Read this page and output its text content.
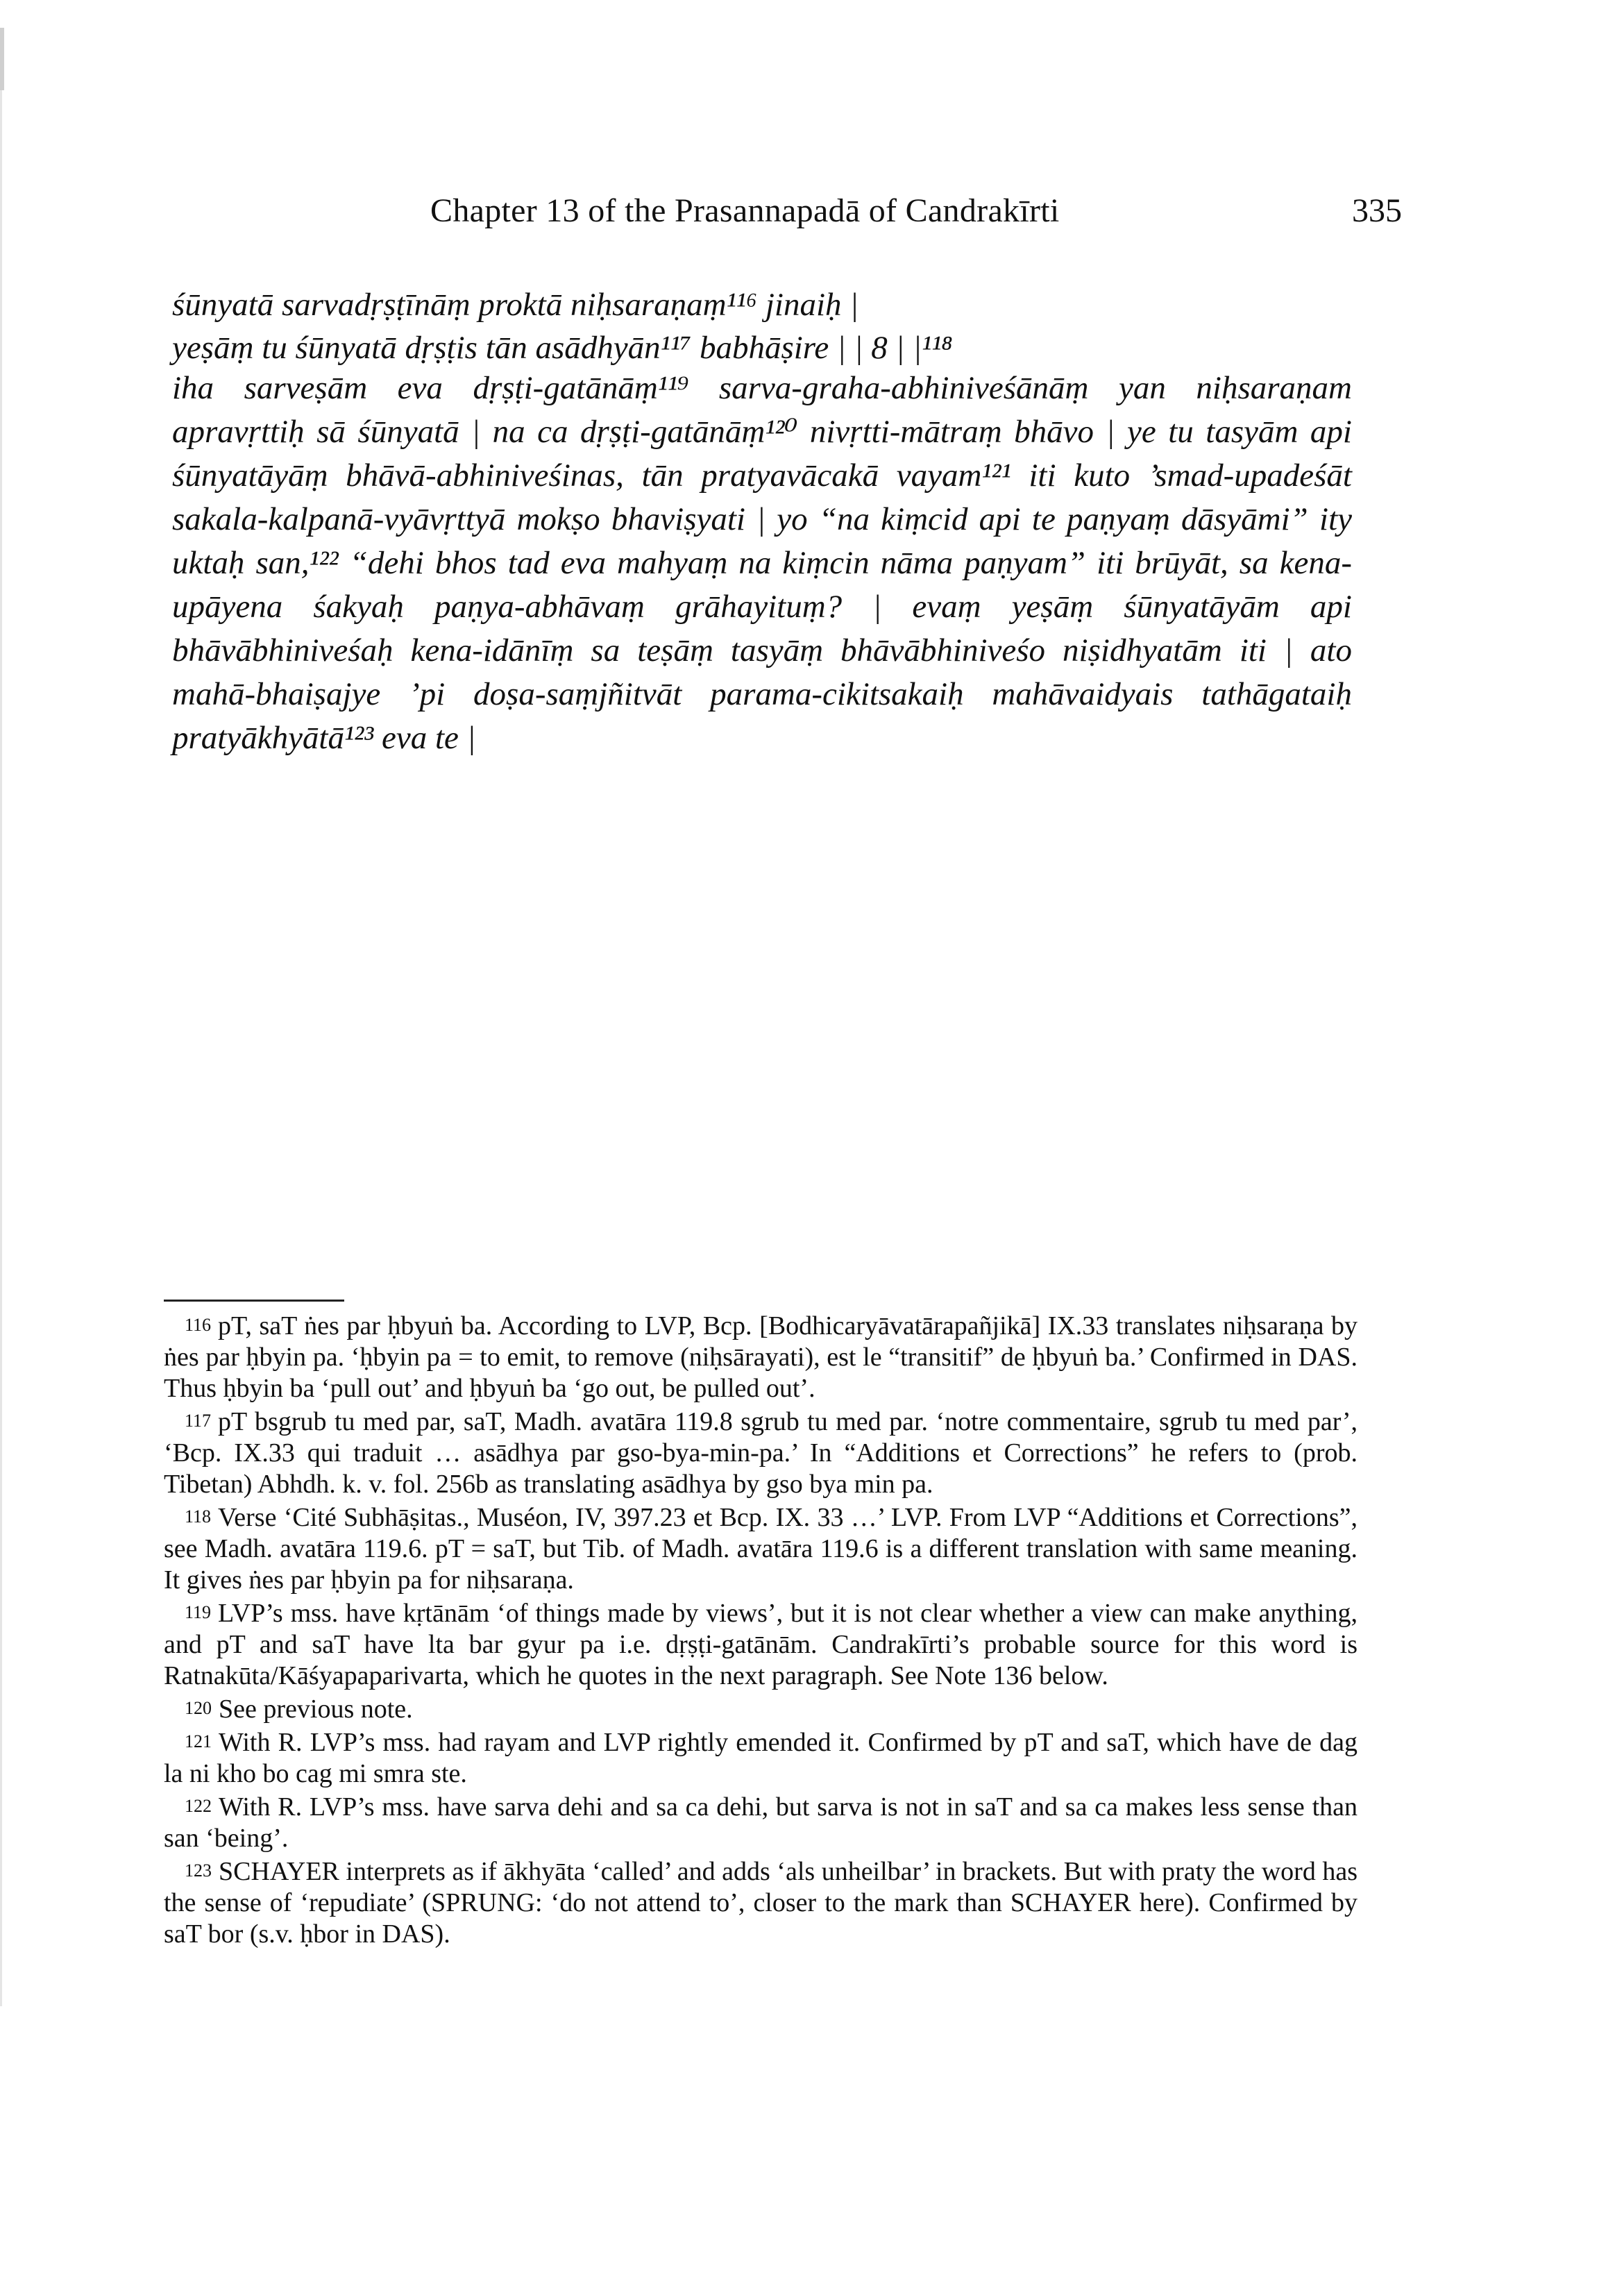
Chapter 13 of the Prasannapadā of Candrakīrti	335
śūnyatā sarvadṛṣṭīnāṃ proktā niḥsaraṇaṃ¹¹⁶ jinaiḥ |
yeṣāṃ tu śūnyatā dṛṣṭis tān asādhyān¹¹⁷ babhāṣire | | 8 | |¹¹⁸
iha sarveṣām eva dṛṣṭi-gatānāṃ¹¹⁹ sarva-graha-abhiniveśānāṃ yan niḥsaraṇam apravṛttiḥ sā śūnyatā | na ca dṛṣṭi-gatānāṃ¹²⁰ nivṛtti-mātraṃ bhāvo | ye tu tasyām api śūnyatāyāṃ bhāvā-abhiniveśinas, tān pratyavācakā vayam¹²¹ iti kuto ’smad-upadeśāt sakala-kalpanā-vyāvṛttyā mokṣo bhaviṣyati | yo “na kiṃcid api te paṇyaṃ dāsyāmi” ity uktaḥ san,¹²² “dehi bhos tad eva mahyaṃ na kiṃcin nāma paṇyam” iti brūyāt, sa kena-upāyena śakyaḥ paṇya-abhāvaṃ grāhayituṃ? | evaṃ yeṣāṃ śūnyatāyām api bhāvābhiniveśaḥ kena-idānīṃ sa teṣāṃ tasyāṃ bhāvābhiniveśo niṣidhyatām iti | ato mahā-bhaiṣajye ’pi doṣa-saṃjñitvāt parama-cikitsakaiḥ mahāvaidyais tathāgataiḥ pratyākhyātā¹²³ eva te |

$^{116}$ pT, saT ṅes par ḥbyuṅ ba. According to LVP, Bcp. [Bodhicaryāvatārapañjikā] IX.33 translates niḥsaraṇa by ṅes par ḥbyin pa. ‘ḥbyin pa = to emit, to remove (niḥsārayati), est le “transitif” de ḥbyuṅ ba.’ Confirmed in DAS. Thus ḥbyin ba ‘pull out’ and ḥbyuṅ ba ‘go out, be pulled out’.

$^{117}$ pT bsgrub tu med par, saT, Madh. avatāra 119.8 sgrub tu med par. ‘notre commentaire, sgrub tu med par’, ‘Bcp. IX.33 qui traduit … asādhya par gso-bya-min-pa.’ In “Additions et Corrections” he refers to (prob. Tibetan) Abhdh. k. v. fol. 256b as translating asādhya by gso bya min pa.

$^{118}$ Verse ‘Cité Subhāṣitas., Muséon, IV, 397.23 et Bcp. IX. 33 …’ LVP. From LVP “Additions et Corrections”, see Madh. avatāra 119.6. pT = saT, but Tib. of Madh. avatāra 119.6 is a different translation with same meaning. It gives ṅes par ḥbyin pa for niḥsaraṇa.

$^{119}$ LVP’s mss. have kṛtānām ‘of things made by views’, but it is not clear whether a view can make anything, and pT and saT have lta bar gyur pa i.e. dṛṣṭi-gatānām. Candrakīrti’s probable source for this word is Ratnakūta/Kāśyapaparivarta, which he quotes in the next paragraph. See Note 136 below.

$^{120}$ See previous note.

$^{121}$ With R. LVP’s mss. had rayam and LVP rightly emended it. Confirmed by pT and saT, which have de dag la ni kho bo cag mi smra ste.

$^{122}$ With R. LVP’s mss. have sarva dehi and sa ca dehi, but sarva is not in saT and sa ca makes less sense than san ‘being’.

$^{123}$ SCHAYER interprets as if ākhyāta ‘called’ and adds ‘als unheilbar’ in brackets. But with praty the word has the sense of ‘repudiate’ (SPRUNG: ‘do not attend to’, closer to the mark than SCHAYER here). Confirmed by saT bor (s.v. ḥbor in DAS).
